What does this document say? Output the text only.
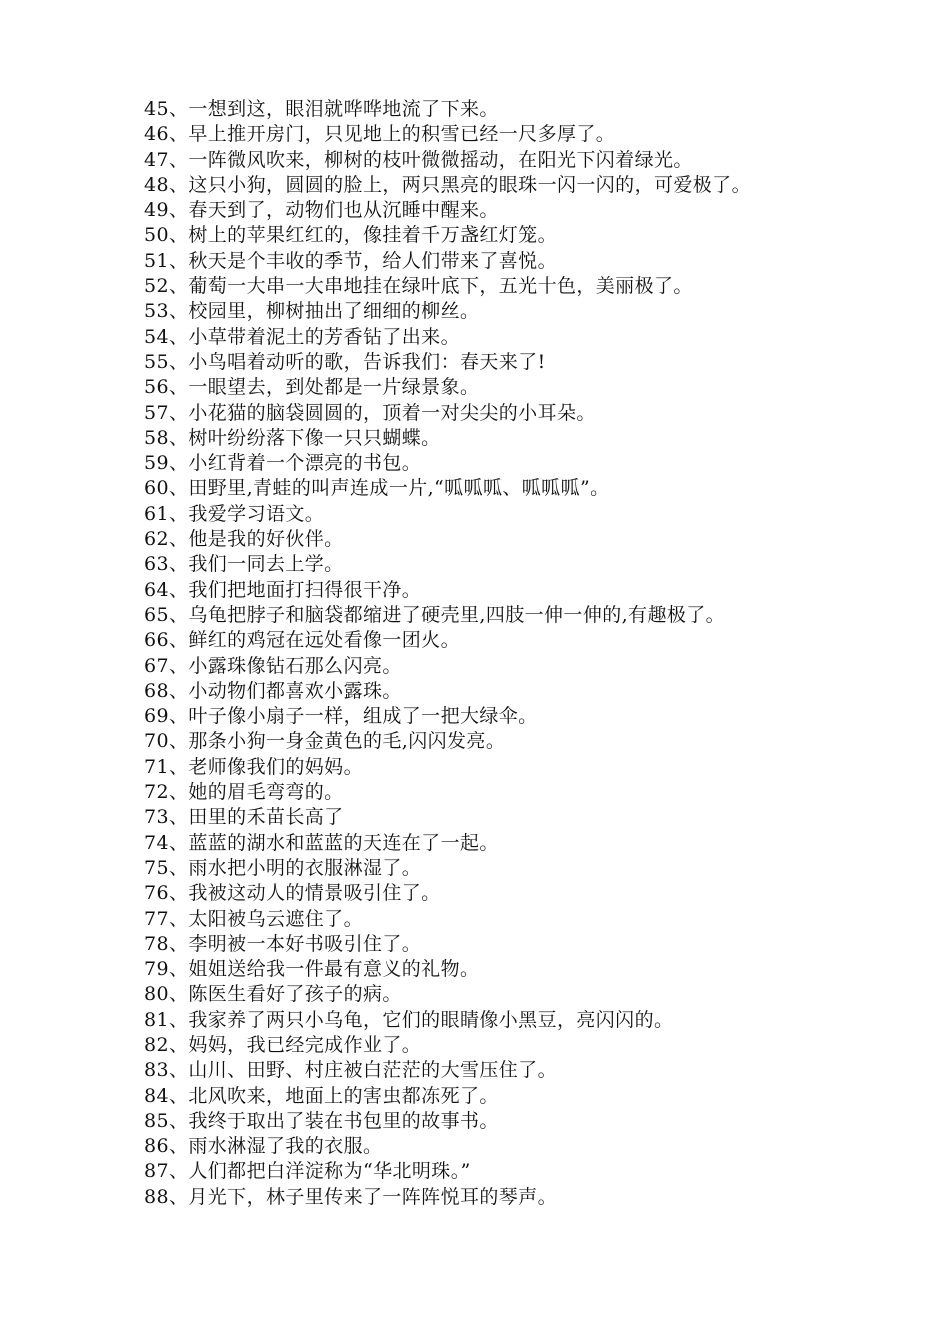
45、一想到这，眼泪就哗哗地流了下来。
46、早上推开房门，只见地上的积雪已经一尺多厚了。
47、一阵微风吹来，柳树的枝叶微微摇动，在阳光下闪着绿光。
48、这只小狗，圆圆的脸上，两只黑亮的眼珠一闪一闪的，可爱极了。
49、春天到了，动物们也从沉睡中醒来。
50、树上的苹果红红的，像挂着千万盏红灯笼。
51、秋天是个丰收的季节，给人们带来了喜悦。
52、葡萄一大串一大串地挂在绿叶底下，五光十色，美丽极了。
53、校园里，柳树抽出了细细的柳丝。
54、小草带着泥土的芳香钻了出来。
55、小鸟唱着动听的歌，告诉我们：春天来了!
56、一眼望去，到处都是一片绿景象。
57、小花猫的脑袋圆圆的，顶着一对尖尖的小耳朵。
58、树叶纷纷落下像一只只蝴蝶。
59、小红背着一个漂亮的书包。
60、田野里,青蛙的叫声连成一片,“呱呱呱、呱呱呱”。
61、我爱学习语文。
62、他是我的好伙伴。
63、我们一同去上学。
64、我们把地面打扫得很干净。
65、乌龟把脖子和脑袋都缩进了硬壳里,四肢一伸一伸的,有趣极了。
66、鲜红的鸡冠在远处看像一团火。
67、小露珠像钻石那么闪亮。
68、小动物们都喜欢小露珠。
69、叶子像小扇子一样，组成了一把大绿伞。
70、那条小狗一身金黄色的毛,闪闪发亮。
71、老师像我们的妈妈。
72、她的眉毛弯弯的。
73、田里的禾苗长高了
74、蓝蓝的湖水和蓝蓝的天连在了一起。
75、雨水把小明的衣服淋湿了。
76、我被这动人的情景吸引住了。
77、太阳被乌云遮住了。
78、李明被一本好书吸引住了。
79、姐姐送给我一件最有意义的礼物。
80、陈医生看好了孩子的病。
81、我家养了两只小乌龟，它们的眼睛像小黑豆，亮闪闪的。
82、妈妈，我已经完成作业了。
83、山川、田野、村庄被白茫茫的大雪压住了。
84、北风吹来，地面上的害虫都冻死了。
85、我终于取出了装在书包里的故事书。
86、雨水淋湿了我的衣服。
87、人们都把白洋淀称为“华北明珠。”
88、月光下，林子里传来了一阵阵悦耳的琴声。
